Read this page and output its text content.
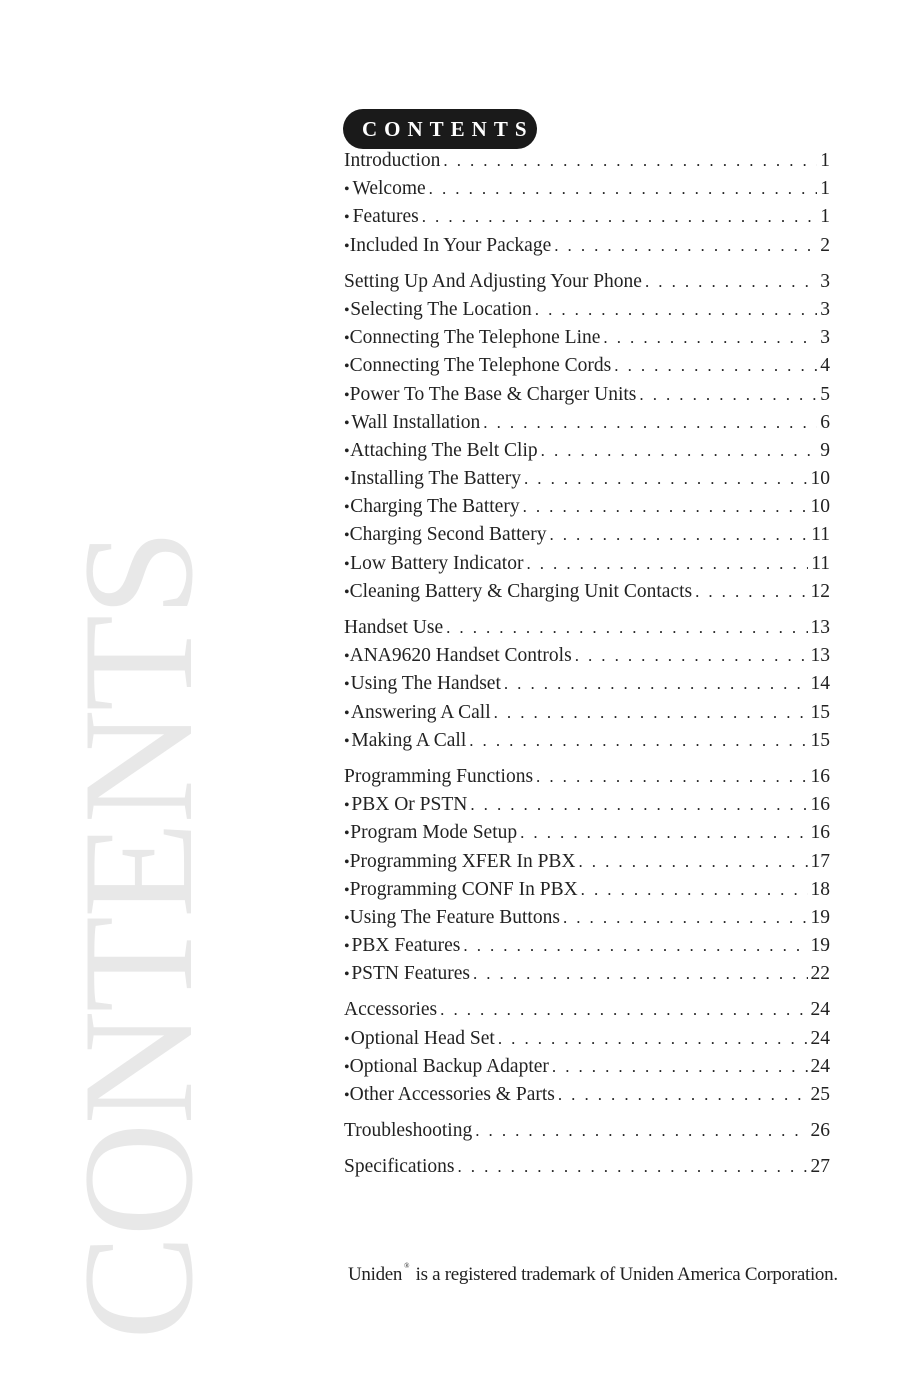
CONTENTS
CONTENTS
Introduction . . .	1
• Welcome . . .	1
• Features . . .	1
• Included In Your Package . . .	2
Setting Up And Adjusting Your Phone . . .	3
• Selecting The Location . . .	3
• Connecting The Telephone Line . . .	3
• Connecting The Telephone Cords . . .	4
• Power To The Base & Charger Units . . .	5
• Wall Installation . . .	6
• Attaching The Belt Clip . . .	9
• Installing The Battery . . .	10
• Charging The Battery . . .	10
• Charging Second Battery . . .	11
• Low Battery Indicator . . .	11
• Cleaning Battery & Charging Unit Contacts . . .	12
Handset Use . . .	13
• ANA9620 Handset Controls . . .	13
• Using The Handset . . .	14
• Answering A Call . . .	15
• Making A Call . . .	15
Programming Functions . . .	16
• PBX Or PSTN . . .	16
• Program Mode Setup . . .	16
• Programming XFER In PBX . . .	17
• Programming CONF In PBX . . .	18
• Using The Feature Buttons . . .	19
• PBX Features . . .	19
• PSTN Features . . .	22
Accessories . . .	24
• Optional Head Set . . .	24
• Optional Backup Adapter . . .	24
• Other Accessories & Parts . . .	25
Troubleshooting . . .	26
Specifications . . .	27
Uniden ® is a registered trademark of Uniden America Corporation.
